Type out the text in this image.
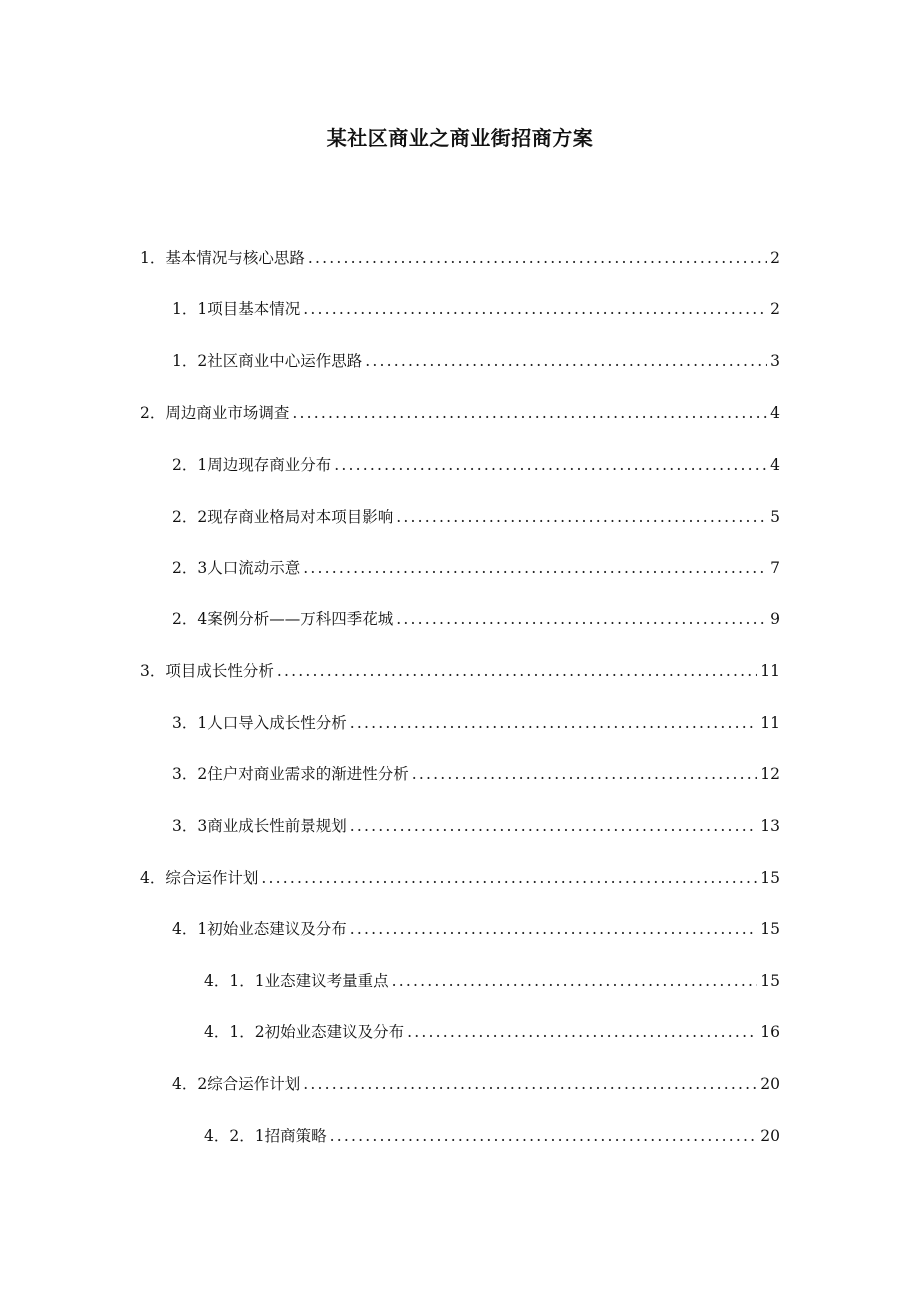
某社区商业之商业街招商方案
1．基本情况与核心思路 .....	2
1．1项目基本情况 .....	2
1．2社区商业中心运作思路 .....	3
2．周边商业市场调查 .....	4
2．1周边现存商业分布 .....	4
2．2现存商业格局对本项目影响 .....	5
2．3人口流动示意 .....	7
2．4案例分析——万科四季花城 .....	9
3．项目成长性分析 .....	11
3．1人口导入成长性分析 .....	11
3．2住户对商业需求的渐进性分析 .....	12
3．3商业成长性前景规划 .....	13
4．综合运作计划 .....	15
4．1初始业态建议及分布 .....	15
4．1．1业态建议考量重点 .....	15
4．1．2初始业态建议及分布 .....	16
4．2综合运作计划 .....	20
4．2．1招商策略 .....	20
